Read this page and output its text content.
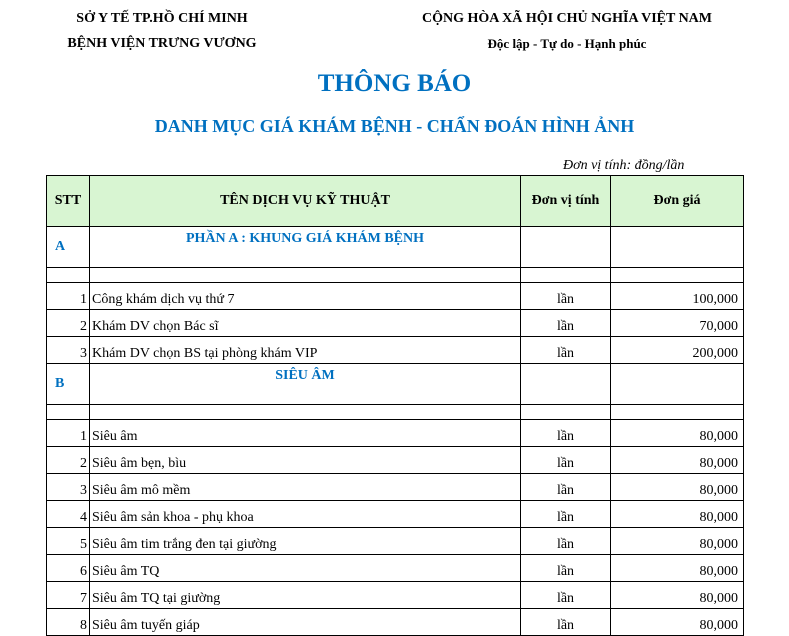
SỞ Y TẾ TP.HỒ CHÍ MINH
BỆNH VIỆN TRƯNG VƯƠNG
CỘNG HÒA XÃ HỘI CHỦ NGHĨA VIỆT NAM
Độc lập - Tự do - Hạnh phúc
THÔNG BÁO
DANH MỤC GIÁ KHÁM BỆNH - CHẨN ĐOÁN HÌNH ẢNH
Đơn vị tính: đồng/lần
STT	TÊN DỊCH VỤ KỸ THUẬT	Đơn vị tính	Đơn giá
A	PHẦN A : KHUNG GIÁ KHÁM BỆNH		

1	Công khám dịch vụ thứ 7	lần	100,000
2	Khám DV chọn Bác sĩ	lần	70,000
3	Khám DV chọn BS tại phòng khám VIP	lần	200,000
B	SIÊU ÂM		

1	Siêu âm	lần	80,000
2	Siêu âm bẹn, bìu	lần	80,000
3	Siêu âm mô mềm	lần	80,000
4	Siêu âm sản khoa - phụ khoa	lần	80,000
5	Siêu âm tim trắng đen tại giường	lần	80,000
6	Siêu âm TQ	lần	80,000
7	Siêu âm TQ tại giường	lần	80,000
8	Siêu âm tuyến giáp	lần	80,000
